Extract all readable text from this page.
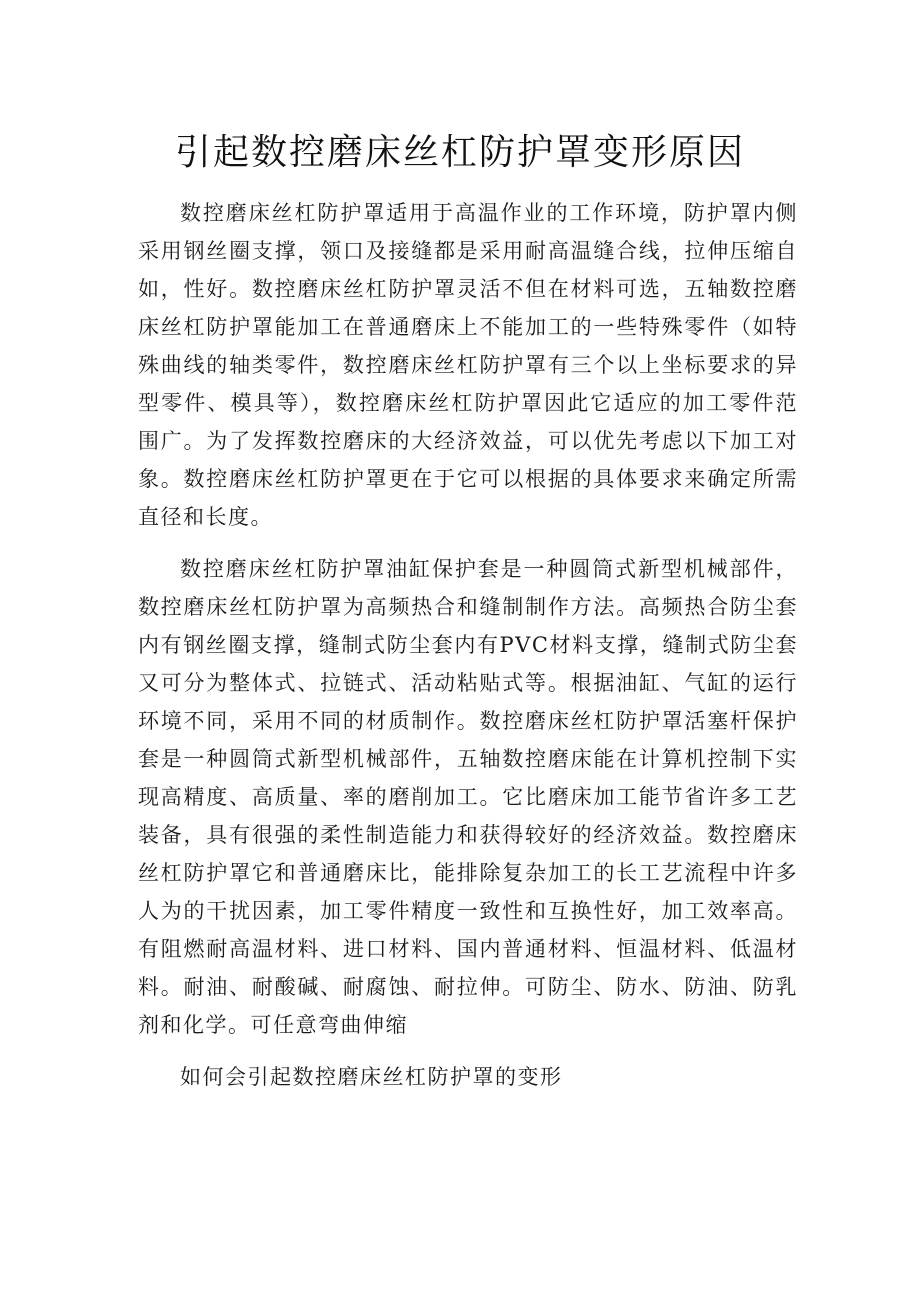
引起数控磨床丝杠防护罩变形原因

数控磨床丝杠防护罩适用于高温作业的工作环境，防护罩内侧采用钢丝圈支撑，领口及接缝都是采用耐高温缝合线，拉伸压缩自如，性好。数控磨床丝杠防护罩灵活不但在材料可选，五轴数控磨床丝杠防护罩能加工在普通磨床上不能加工的一些特殊零件（如特殊曲线的轴类零件，数控磨床丝杠防护罩有三个以上坐标要求的异型零件、模具等），数控磨床丝杠防护罩因此它适应的加工零件范围广。为了发挥数控磨床的大经济效益，可以优先考虑以下加工对象。数控磨床丝杠防护罩更在于它可以根据的具体要求来确定所需直径和长度。

数控磨床丝杠防护罩油缸保护套是一种圆筒式新型机械部件，数控磨床丝杠防护罩为高频热合和缝制制作方法。高频热合防尘套内有钢丝圈支撑，缝制式防尘套内有PVC材料支撑，缝制式防尘套又可分为整体式、拉链式、活动粘贴式等。根据油缸、气缸的运行环境不同，采用不同的材质制作。数控磨床丝杠防护罩活塞杆保护套是一种圆筒式新型机械部件，五轴数控磨床能在计算机控制下实现高精度、高质量、率的磨削加工。它比磨床加工能节省许多工艺装备，具有很强的柔性制造能力和获得较好的经济效益。数控磨床丝杠防护罩它和普通磨床比，能排除复杂加工的长工艺流程中许多人为的干扰因素，加工零件精度一致性和互换性好，加工效率高。有阻燃耐高温材料、进口材料、国内普通材料、恒温材料、低温材料。耐油、耐酸碱、耐腐蚀、耐拉伸。可防尘、防水、防油、防乳剂和化学。可任意弯曲伸缩

如何会引起数控磨床丝杠防护罩的变形
